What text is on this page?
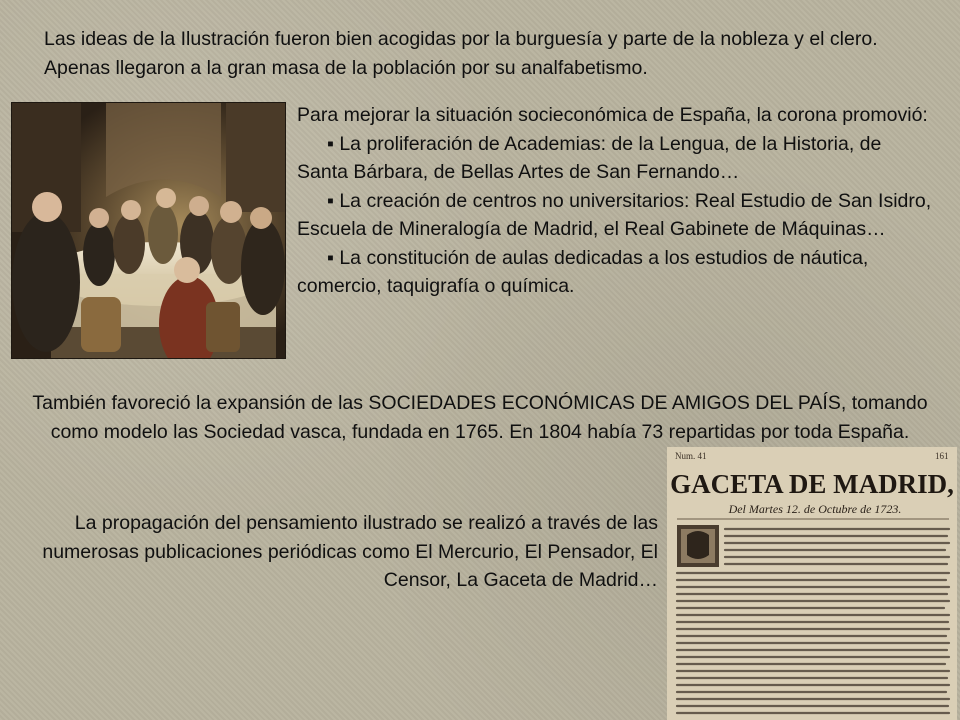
Las ideas de la Ilustración fueron bien acogidas por la burguesía y parte de la nobleza y el clero. Apenas llegaron a la gran masa de la población por su analfabetismo.
Para mejorar la situación socieconómica de España, la corona promovió:
▪ La proliferación de Academias: de la Lengua, de la Historia, de Santa Bárbara, de Bellas Artes de San Fernando…
▪ La creación de centros no universitarios: Real Estudio de San Isidro, Escuela de Mineralogía de Madrid, el Real Gabinete de Máquinas…
▪ La constitución de aulas dedicadas a los estudios de náutica, comercio, taquigrafía o química.
También favoreció la expansión de las SOCIEDADES ECONÓMICAS DE AMIGOS DEL PAÍS, tomando como modelo las Sociedad vasca, fundada en 1765. En 1804 había 73 repartidas por toda España.
La propagación del pensamiento ilustrado se realizó a través de las numerosas publicaciones periódicas como El Mercurio, El Pensador, El Censor, La Gaceta de Madrid…
Num. 41	161
GACETA DE MADRID,
Del Martes 12. de Octubre de 1723.
